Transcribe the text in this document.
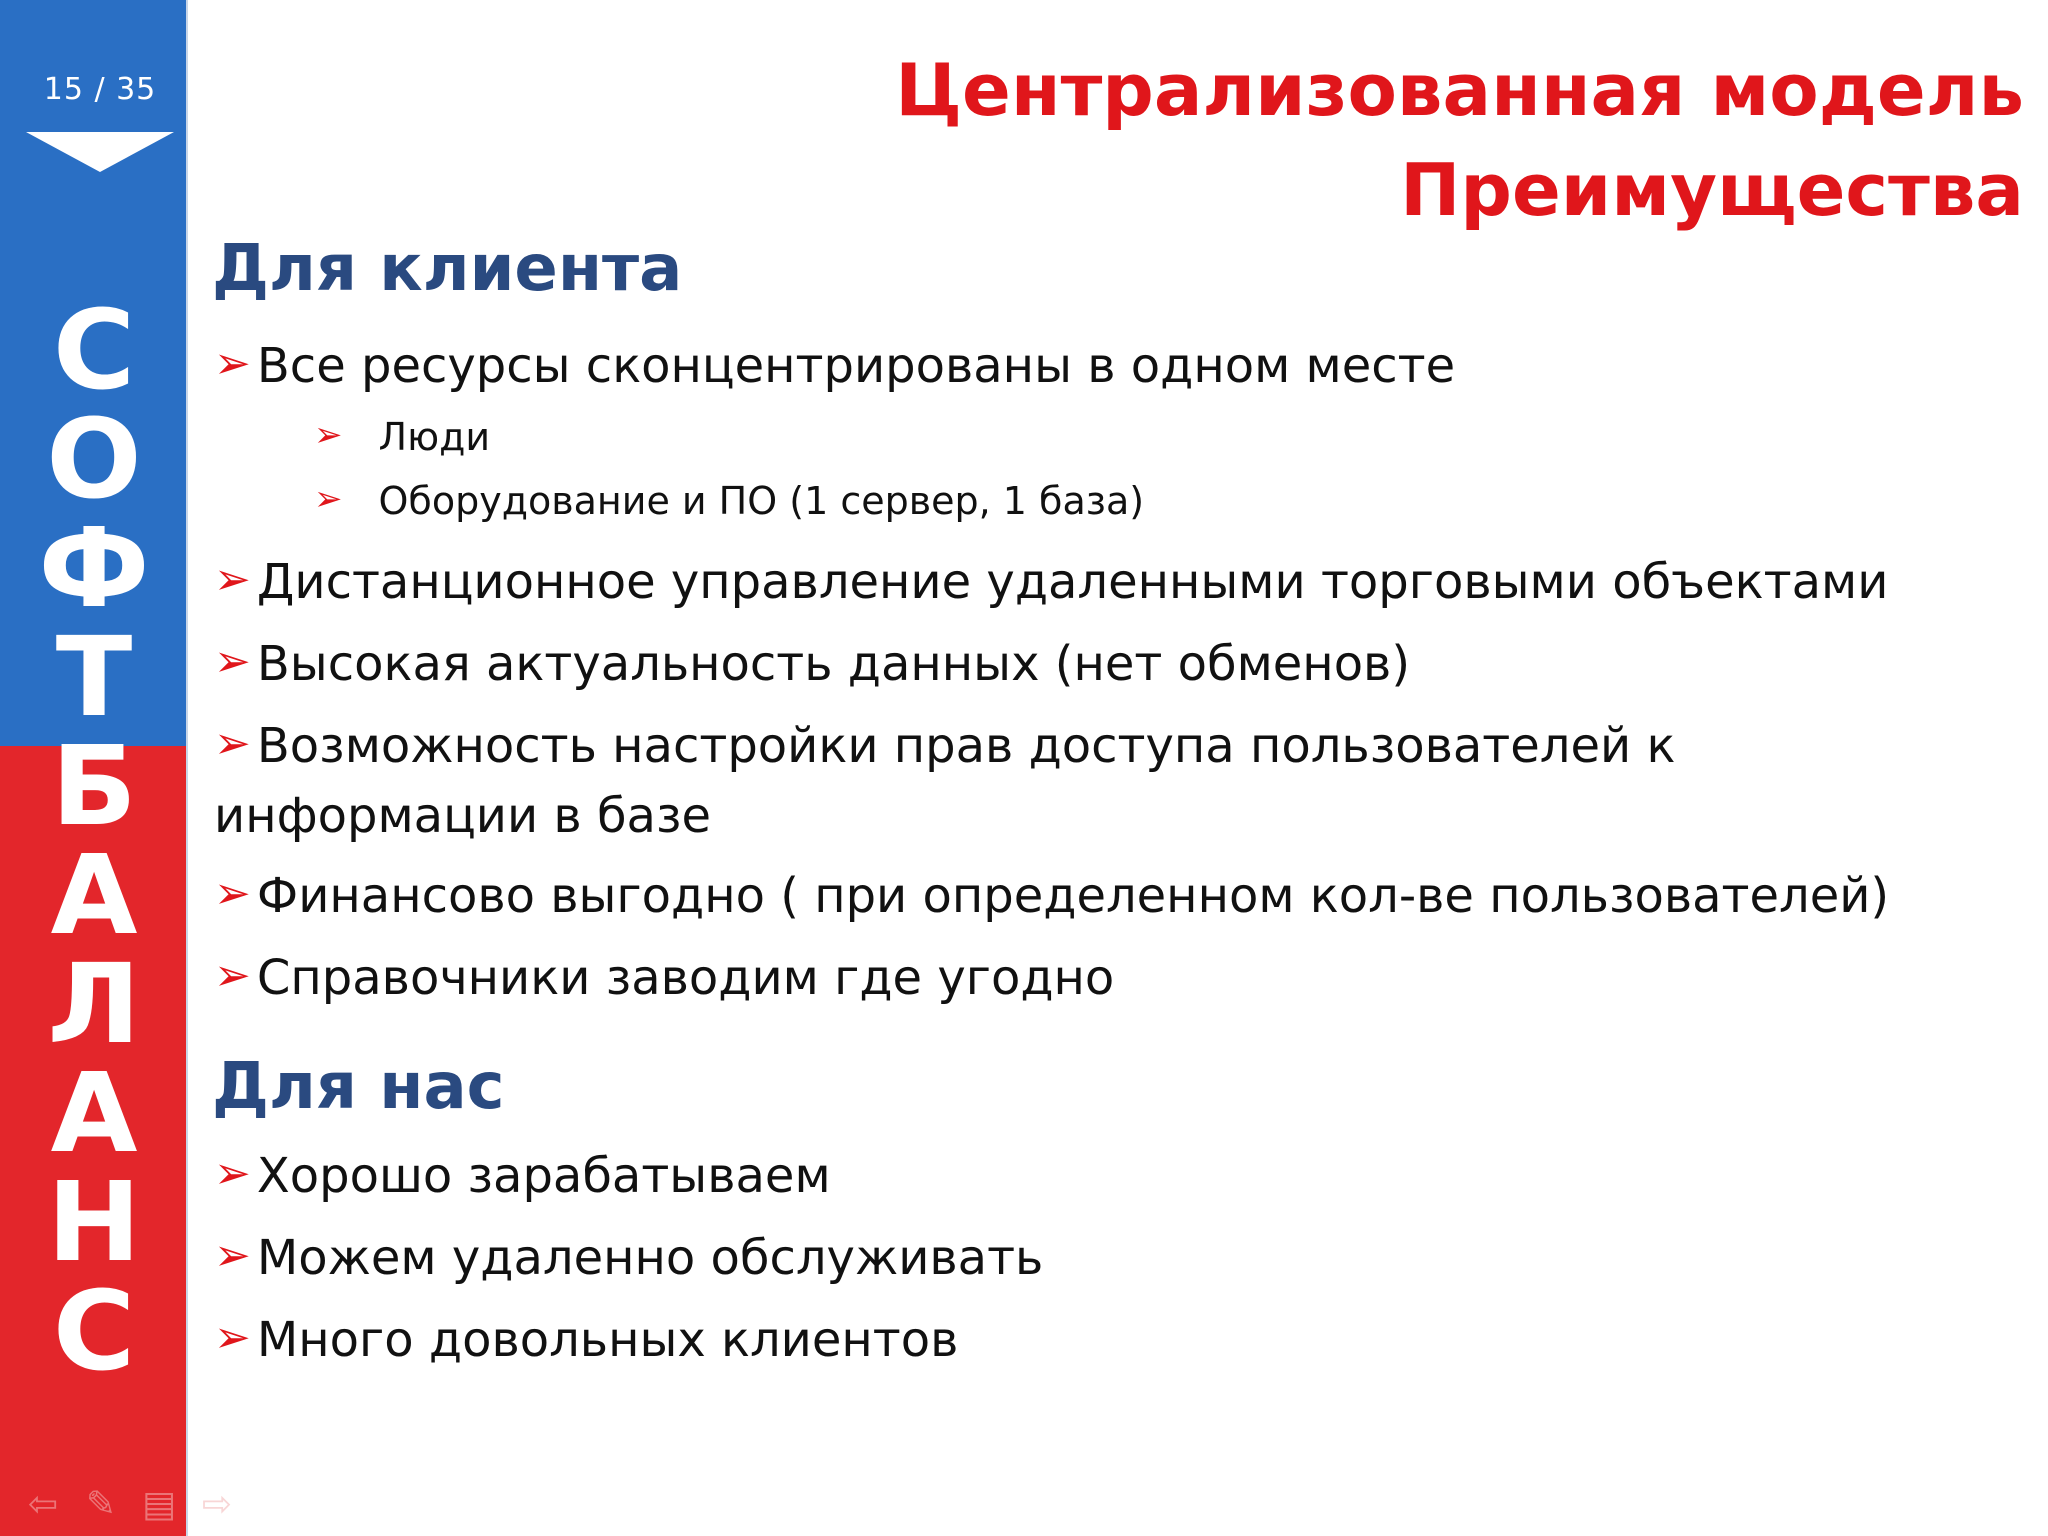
15 / 35
С
О
Ф
Т
Б
А
Л
А
Н
С
⇦ ✎ ▤ ⇨
Централизованная модель
Преимущества
Для клиента
➢ Все ресурсы сконцентрированы в одном месте
➢ Люди
➢ Оборудование и ПО (1 сервер, 1 база)
➢ Дистанционное управление удаленными торговыми объектами
➢ Высокая актуальность данных (нет обменов)
➢ Возможность настройки прав доступа пользователей к информации в базе
➢ Финансово выгодно ( при определенном кол-ве пользователей)
➢ Справочники заводим где угодно
Для нас
➢ Хорошо зарабатываем
➢ Можем удаленно обслуживать
➢ Много довольных клиентов
